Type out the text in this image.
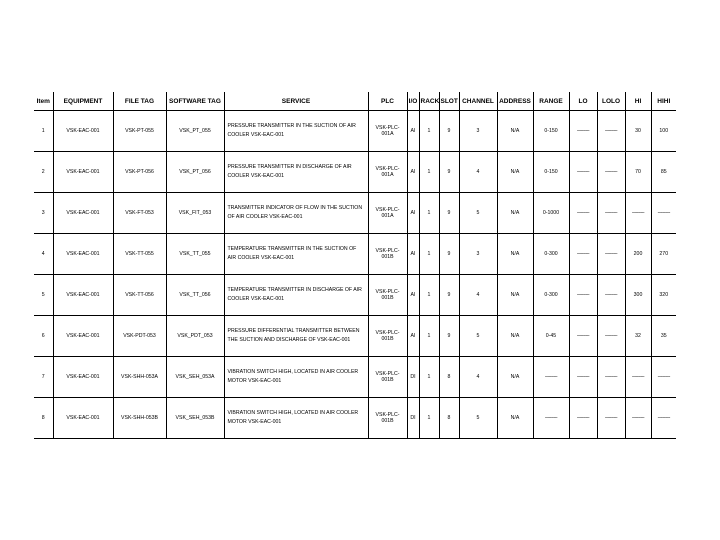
Item	EQUIPMENT	FILE TAG	SOFTWARE TAG	SERVICE	PLC	I/O	RACK	SLOT	CHANNEL	ADDRESS	RANGE	LO	LOLO	HI	HIHI
1	VSK-EAC-001	VSK-PT-055	VSK_PT_055	PRESSURE TRANSMITTER IN THE SUCTION OF AIR
COOLER VSK-EAC-001	VSK-PLC-001A	AI	1	9	3	N/A	0-150	----------	----------	30	100
2	VSK-EAC-001	VSK-PT-056	VSK_PT_056	PRESSURE TRANSMITTER IN DISCHARGE OF AIR
COOLER VSK-EAC-001	VSK-PLC-001A	AI	1	9	4	N/A	0-150	----------	----------	70	85
3	VSK-EAC-001	VSK-FT-053	VSK_FIT_053	TRANSMITTER INDICATOR OF FLOW IN THE SUCTION
OF AIR COOLER VSK-EAC-001	VSK-PLC-001A	AI	1	9	5	N/A	0-1000	----------	----------	----------	----------
4	VSK-EAC-001	VSK-TT-055	VSK_TT_055	TEMPERATURE TRANSMITTER IN THE SUCTION OF
AIR COOLER VSK-EAC-001	VSK-PLC-001B	AI	1	9	3	N/A	0-300	----------	----------	200	270
5	VSK-EAC-001	VSK-TT-056	VSK_TT_056	TEMPERATURE TRANSMITTER IN DISCHARGE OF AIR
COOLER VSK-EAC-001	VSK-PLC-001B	AI	1	9	4	N/A	0-300	----------	----------	300	320
6	VSK-EAC-001	VSK-PDT-053	VSK_PDT_053	PRESSURE DIFFERENTIAL TRANSMITTER BETWEEN
THE SUCTION AND DISCHARGE OF VSK-EAC-001	VSK-PLC-001B	AI	1	9	5	N/A	0-45	----------	----------	32	35
7	VSK-EAC-001	VSK-SHH-053A	VSK_SEH_053A	VIBRATION SWITCH HIGH, LOCATED IN AIR COOLER
MOTOR VSK-EAC-001	VSK-PLC-001B	DI	1	8	4	N/A	----------	----------	----------	----------	----------
8	VSK-EAC-001	VSK-SHH-053B	VSK_SEH_053B	VIBRATION SWITCH HIGH, LOCATED IN AIR COOLER
MOTOR VSK-EAC-001	VSK-PLC-001B	DI	1	8	5	N/A	----------	----------	----------	----------	----------
